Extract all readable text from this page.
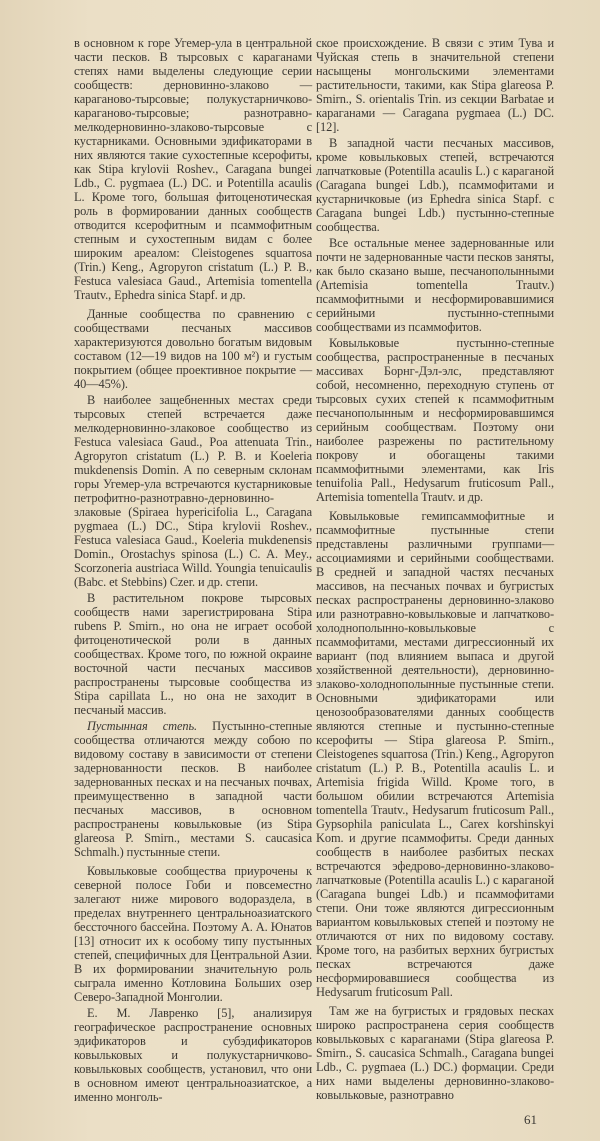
в основном к горе Угемер-ула в центральной части песков. В тырсовых с караганами степях нами выделены следующие серии сообществ: дерновинно-злаково — караганово-тырсовые; полукустарничково-караганово-тырсовые; разнотравно-мелкодерновинно-злаково-тырсовые с кустарниками. Основными эдификаторами в них являются такие сухостепные ксерофиты, как Stipa krylovii Roshev., Caragana bungei Ldb., C. pygmaea (L.) DC. и Potentilla acaulis L. Кроме того, большая фитоценотическая роль в формировании данных сообществ отводится ксерофитным и псаммофитным степным и сухостепным видам с более широким ареалом: Cleistogenes squarrosa (Trin.) Keng., Agropyron cristatum (L.) P. B., Festuca valesiaca Gaud., Artemisia tomentella Trautv., Ephedra sinica Stapf. и др.

Данные сообщества по сравнению с сообществами песчаных массивов характеризуются довольно богатым видовым составом (12—19 видов на 100 м²) и густым покрытием (общее проективное покрытие — 40—45%).

В наиболее защебненных местах среди тырсовых степей встречается даже мелкодерновинно-злаковое сообщество из Festuca valesiaca Gaud., Poa attenuata Trin., Agropyron cristatum (L.) P. B. и Koeleria mukdenensis Domin. А по северным склонам горы Угемер-ула встречаются кустарниковые петрофитно-разнотравно-дерновинно-злаковые (Spiraea hypericifolia L., Caragana pygmaea (L.) DC., Stipa krylovii Roshev., Festuca valesiaca Gaud., Koeleria mukdenensis Domin., Orostachys spinosa (L.) C. A. Mey., Scorzoneria austriaca Willd. Youngia tenuicaulis (Babc. et Stebbins) Czer. и др. степи.

В растительном покрове тырсовых сообществ нами зарегистрирована Stipa rubens P. Smirn., но она не играет особой фитоценотической роли в данных сообществах. Кроме того, по южной окраине восточной части песчаных массивов распространены тырсовые сообщества из Stipa capillata L., но она не заходит в песчаный массив.

Пустынная степь. Пустынно-степные сообщества отличаются между собою по видовому составу в зависимости от степени задернованности песков. В наиболее задернованных песках и на песчаных почвах, преимущественно в западной части песчаных массивов, в основном распространены ковыльковые (из Stipa glareosa P. Smirn., местами S. caucasica Schmalh.) пустынные степи.

Ковыльковые сообщества приурочены к северной полосе Гоби и повсеместно залегают ниже мирового водораздела, в пределах внутреннего центральноазиатского бессточного бассейна. Поэтому А. А. Юнатов [13] относит их к особому типу пустынных степей, специфичных для Центральной Азии. В их формировании значительную роль сыграла именно Котловина Больших озер Северо-Западной Монголии.

Е. М. Лавренко [5], анализируя географическое распространение основных эдификаторов и субэдификаторов ковыльковых и полукустарничково-ковыльковых сообществ, установил, что они в основном имеют центральноазиатское, а именно монголь-

ское происхождение. В связи с этим Тува и Чуйская степь в значительной степени насыщены монгольскими элементами растительности, такими, как Stipa glareosa P. Smirn., S. orientalis Trin. из секции Barbatae и караганами — Caragana pygmaea (L.) DC. [12].

В западной части песчаных массивов, кроме ковыльковых степей, встречаются лапчатковые (Potentilla acaulis L.) с караганой (Caragana bungei Ldb.), псаммофитами и кустарничковые (из Ephedra sinica Stapf. с Caragana bungei Ldb.) пустынно-степные сообщества.

Все остальные менее задернованные или почти не задернованные части песков заняты, как было сказано выше, песчанополынными (Artemisia tomentella Trautv.) псаммофитными и несформировавшимися серийными пустынно-степными сообществами из псаммофитов.

Ковыльковые пустынно-степные сообщества, распространенные в песчаных массивах Борнг-Дэл-элс, представляют собой, несомненно, переходную ступень от тырсовых сухих степей к псаммофитным песчанополынным и несформировавшимся серийным сообществам. Поэтому они наиболее разрежены по растительному покрову и обогащены такими псаммофитными элементами, как Iris tenuifolia Pall., Hedysarum fruticosum Pall., Artemisia tomentella Trautv. и др.

Ковыльковые гемипсаммофитные и псаммофитные пустынные степи представлены различными группами—ассоциамиями и серийными сообществами. В средней и западной частях песчаных массивов, на песчаных почвах и бугристых песках распространены дерновинно-злаково или разнотравно-ковыльковые и лапчатково-холоднополынно-ковыльковые с псаммофитами, местами дигрессионный их вариант (под влиянием выпаса и другой хозяйственной деятельности), дерновинно-злаково-холоднополынные пустынные степи. Основными эдификаторами или ценозообразователями данных сообществ являются степные и пустынно-степные ксерофиты — Stipa glareosa P. Smirn., Cleistogenes squarrosa (Trin.) Keng., Agropyron cristatum (L.) P. B., Potentilla acaulis L. и Artemisia frigida Willd. Кроме того, в большом обилии встречаются Artemisia tomentella Trautv., Hedysarum fruticosum Pall., Gypsophila paniculata L., Carex korshinskyi Kom. и другие псаммофиты. Среди данных сообществ в наиболее разбитых песках встречаются эфедрово-дерновинно-злаково-лапчатковые (Potentilla acaulis L.) с караганой (Caragana bungei Ldb.) и псаммофитами степи. Они тоже являются дигрессионным вариантом ковыльковых степей и поэтому не отличаются от них по видовому составу. Кроме того, на разбитых верхних бугристых песках встречаются даже несформировавшиеся сообщества из Hedysarum fruticosum Pall.

Там же на бугристых и грядовых песках широко распространена серия сообществ ковыльковых с караганами (Stipa glareosa P. Smirn., S. caucasica Schmalh., Caragana bungei Ldb., C. pygmaea (L.) DC.) формации. Среди них нами выделены дерновинно-злаково-ковыльковые, разнотравно

61
